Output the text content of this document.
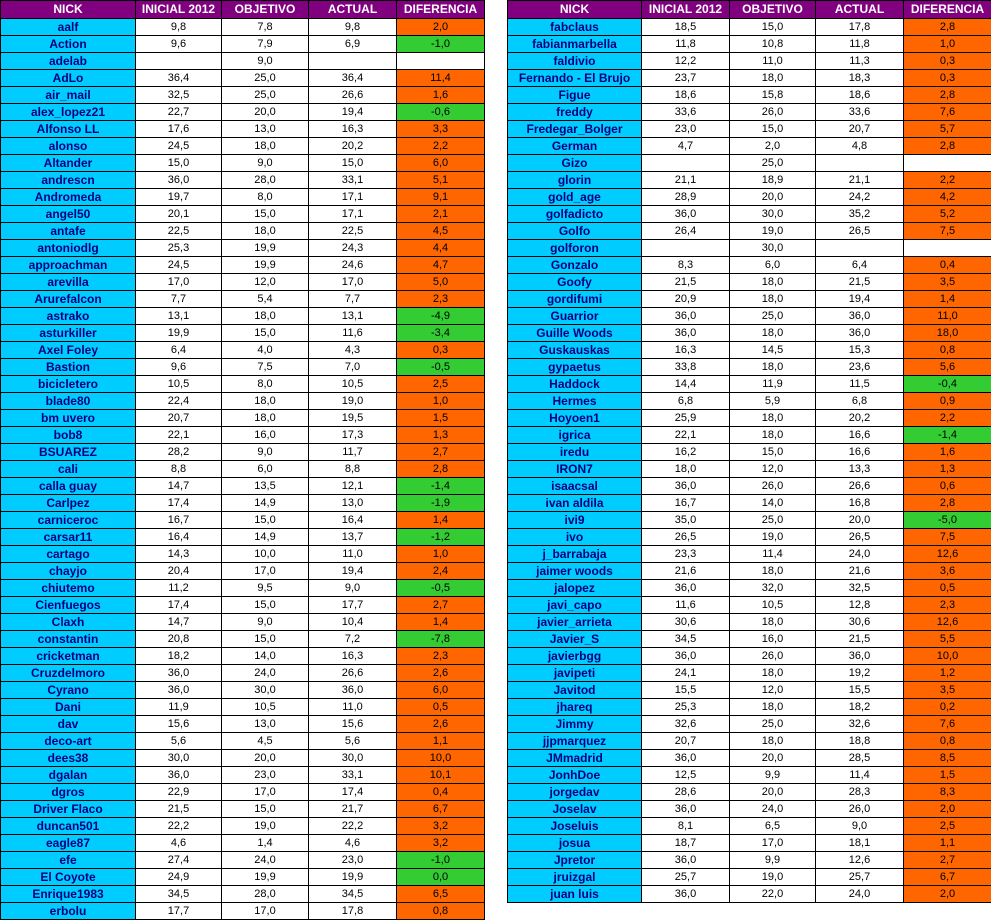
NICK	INICIAL 2012	OBJETIVO	ACTUAL	DIFERENCIA
aalf	9,8	7,8	9,8	2,0
Action	9,6	7,9	6,9	-1,0
adelab		9,0		
AdLo	36,4	25,0	36,4	11,4
air_mail	32,5	25,0	26,6	1,6
alex_lopez21	22,7	20,0	19,4	-0,6
Alfonso LL	17,6	13,0	16,3	3,3
alonso	24,5	18,0	20,2	2,2
Altander	15,0	9,0	15,0	6,0
andrescn	36,0	28,0	33,1	5,1
Andromeda	19,7	8,0	17,1	9,1
angel50	20,1	15,0	17,1	2,1
antafe	22,5	18,0	22,5	4,5
antoniodlg	25,3	19,9	24,3	4,4
approachman	24,5	19,9	24,6	4,7
arevilla	17,0	12,0	17,0	5,0
Arurefalcon	7,7	5,4	7,7	2,3
astrako	13,1	18,0	13,1	-4,9
asturkiller	19,9	15,0	11,6	-3,4
Axel Foley	6,4	4,0	4,3	0,3
Bastion	9,6	7,5	7,0	-0,5
bicicletero	10,5	8,0	10,5	2,5
blade80	22,4	18,0	19,0	1,0
bm uvero	20,7	18,0	19,5	1,5
bob8	22,1	16,0	17,3	1,3
BSUAREZ	28,2	9,0	11,7	2,7
cali	8,8	6,0	8,8	2,8
calla guay	14,7	13,5	12,1	-1,4
Carlpez	17,4	14,9	13,0	-1,9
carniceroc	16,7	15,0	16,4	1,4
carsar11	16,4	14,9	13,7	-1,2
cartago	14,3	10,0	11,0	1,0
chayjo	20,4	17,0	19,4	2,4
chiutemo	11,2	9,5	9,0	-0,5
Cienfuegos	17,4	15,0	17,7	2,7
Claxh	14,7	9,0	10,4	1,4
constantin	20,8	15,0	7,2	-7,8
cricketman	18,2	14,0	16,3	2,3
Cruzdelmoro	36,0	24,0	26,6	2,6
Cyrano	36,0	30,0	36,0	6,0
Dani	11,9	10,5	11,0	0,5
dav	15,6	13,0	15,6	2,6
deco-art	5,6	4,5	5,6	1,1
dees38	30,0	20,0	30,0	10,0
dgalan	36,0	23,0	33,1	10,1
dgros	22,9	17,0	17,4	0,4
Driver Flaco	21,5	15,0	21,7	6,7
duncan501	22,2	19,0	22,2	3,2
eagle87	4,6	1,4	4,6	3,2
efe	27,4	24,0	23,0	-1,0
El Coyote	24,9	19,9	19,9	0,0
Enrique1983	34,5	28,0	34,5	6,5
erbolu	17,7	17,0	17,8	0,8
NICK	INICIAL 2012	OBJETIVO	ACTUAL	DIFERENCIA
fabclaus	18,5	15,0	17,8	2,8
fabianmarbella	11,8	10,8	11,8	1,0
faldivio	12,2	11,0	11,3	0,3
Fernando - El Brujo	23,7	18,0	18,3	0,3
Figue	18,6	15,8	18,6	2,8
freddy	33,6	26,0	33,6	7,6
Fredegar_Bolger	23,0	15,0	20,7	5,7
German	4,7	2,0	4,8	2,8
Gizo		25,0		
glorin	21,1	18,9	21,1	2,2
gold_age	28,9	20,0	24,2	4,2
golfadicto	36,0	30,0	35,2	5,2
Golfo	26,4	19,0	26,5	7,5
golforon		30,0		
Gonzalo	8,3	6,0	6,4	0,4
Goofy	21,5	18,0	21,5	3,5
gordifumi	20,9	18,0	19,4	1,4
Guarrior	36,0	25,0	36,0	11,0
Guille Woods	36,0	18,0	36,0	18,0
Guskauskas	16,3	14,5	15,3	0,8
gypaetus	33,8	18,0	23,6	5,6
Haddock	14,4	11,9	11,5	-0,4
Hermes	6,8	5,9	6,8	0,9
Hoyoen1	25,9	18,0	20,2	2,2
igrica	22,1	18,0	16,6	-1,4
iredu	16,2	15,0	16,6	1,6
IRON7	18,0	12,0	13,3	1,3
isaacsal	36,0	26,0	26,6	0,6
ivan aldila	16,7	14,0	16,8	2,8
ivi9	35,0	25,0	20,0	-5,0
ivo	26,5	19,0	26,5	7,5
j_barrabaja	23,3	11,4	24,0	12,6
jaimer woods	21,6	18,0	21,6	3,6
jalopez	36,0	32,0	32,5	0,5
javi_capo	11,6	10,5	12,8	2,3
javier_arrieta	30,6	18,0	30,6	12,6
Javier_S	34,5	16,0	21,5	5,5
javierbgg	36,0	26,0	36,0	10,0
javipeti	24,1	18,0	19,2	1,2
Javitod	15,5	12,0	15,5	3,5
jhareq	25,3	18,0	18,2	0,2
Jimmy	32,6	25,0	32,6	7,6
jjpmarquez	20,7	18,0	18,8	0,8
JMmadrid	36,0	20,0	28,5	8,5
JonhDoe	12,5	9,9	11,4	1,5
jorgedav	28,6	20,0	28,3	8,3
Joselav	36,0	24,0	26,0	2,0
Joseluis	8,1	6,5	9,0	2,5
josua	18,7	17,0	18,1	1,1
Jpretor	36,0	9,9	12,6	2,7
jruizgal	25,7	19,0	25,7	6,7
juan luis	36,0	22,0	24,0	2,0
